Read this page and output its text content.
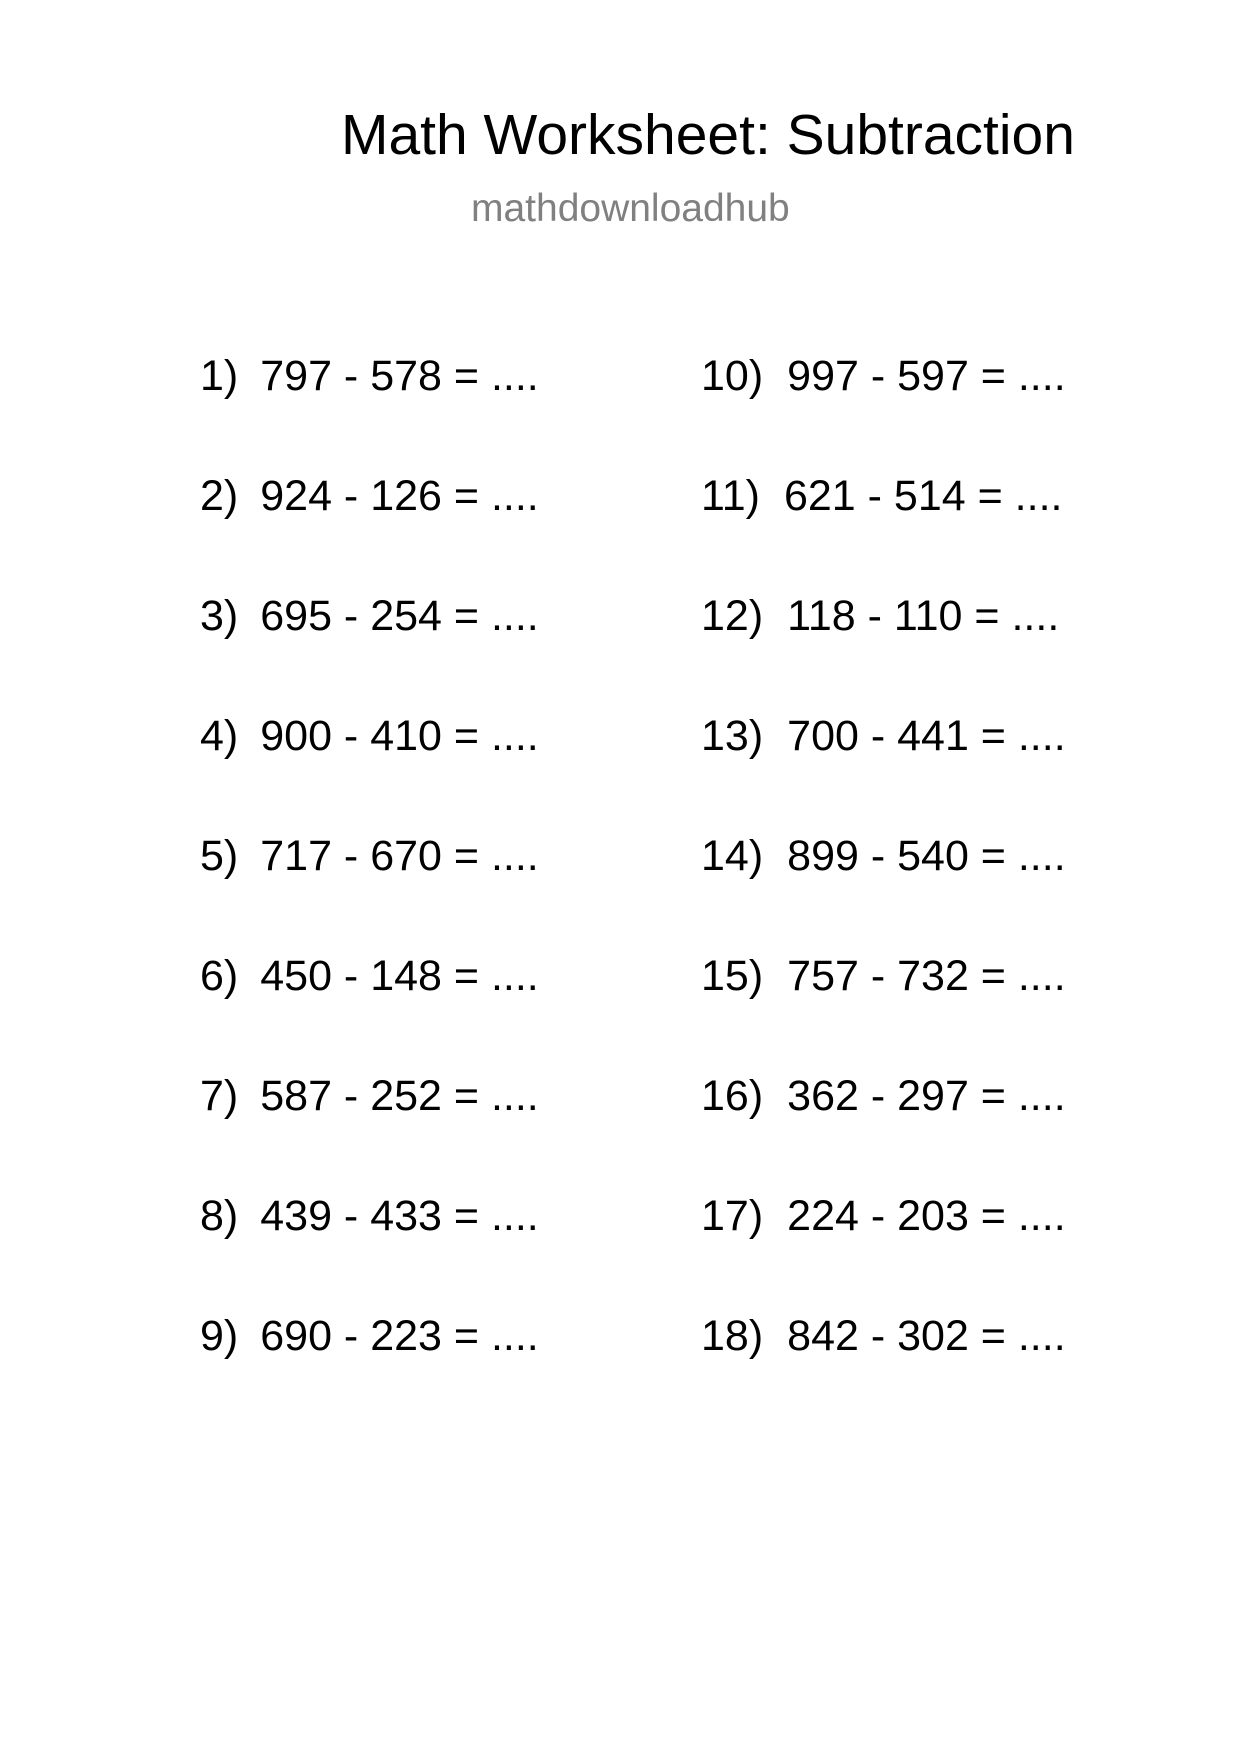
Math Worksheet: Subtraction
mathdownloadhub
1) 797 - 578 = ....
2) 924 - 126 = ....
3) 695 - 254 = ....
4) 900 - 410 = ....
5) 717 - 670 = ....
6) 450 - 148 = ....
7) 587 - 252 = ....
8) 439 - 433 = ....
9) 690 - 223 = ....
10) 997 - 597 = ....
11) 621 - 514 = ....
12) 118 - 110 = ....
13) 700 - 441 = ....
14) 899 - 540 = ....
15) 757 - 732 = ....
16) 362 - 297 = ....
17) 224 - 203 = ....
18) 842 - 302 = ....
